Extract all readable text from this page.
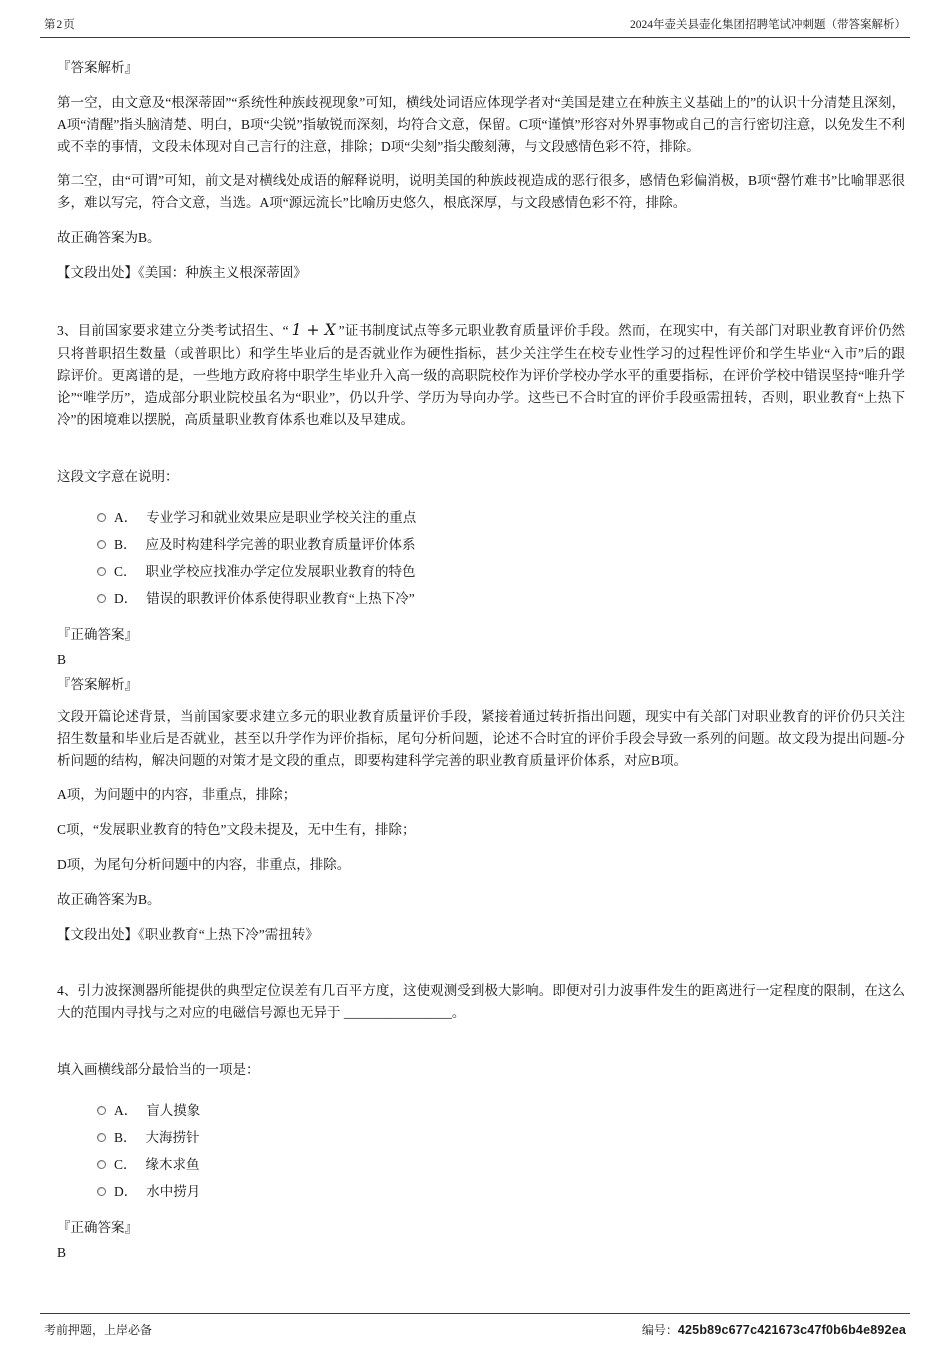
第2页	2024年壶关县壶化集团招聘笔试冲刺题（带答案解析）

『答案解析』

第一空，由文意及“根深蒂固”“系统性种族歧视现象”可知，横线处词语应体现学者对“美国是建立在种族主义基础上的”的认识十分清楚且深刻，A项“清醒”指头脑清楚、明白，B项“尖锐”指敏锐而深刻，均符合文意，保留。C项“谨慎”形容对外界事物或自己的言行密切注意，以免发生不利或不幸的事情，文段未体现对自己言行的注意，排除；D项“尖刻”指尖酸刻薄，与文段感情色彩不符，排除。

第二空，由“可谓”可知，前文是对横线处成语的解释说明，说明美国的种族歧视造成的恶行很多，感情色彩偏消极，B项“罄竹难书”比喻罪恶很多，难以写完，符合文意，当选。A项“源远流长”比喻历史悠久，根底深厚，与文段感情色彩不符，排除。

故正确答案为B。

【文段出处】《美国：种族主义根深蒂固》

3、目前国家要求建立分类考试招生、“ 1 + X ”证书制度试点等多元职业教育质量评价手段。然而，在现实中，有关部门对职业教育评价仍然只将普职招生数量（或普职比）和学生毕业后的是否就业作为硬性指标，甚少关注学生在校专业性学习的过程性评价和学生毕业“入市”后的跟踪评价。更离谱的是，一些地方政府将中职学生毕业升入高一级的高职院校作为评价学校办学水平的重要指标，在评价学校中错误坚持“唯升学论”“唯学历”，造成部分职业院校虽名为“职业”，仍以升学、学历为导向办学。这些已不合时宜的评价手段亟需扭转，否则，职业教育“上热下冷”的困境难以摆脱，高质量职业教育体系也难以及早建成。

这段文字意在说明：

A． 专业学习和就业效果应是职业学校关注的重点
B． 应及时构建科学完善的职业教育质量评价体系
C． 职业学校应找准办学定位发展职业教育的特色
D． 错误的职教评价体系使得职业教育“上热下冷”

『正确答案』

B

『答案解析』

文段开篇论述背景，当前国家要求建立多元的职业教育质量评价手段，紧接着通过转折指出问题，现实中有关部门对职业教育的评价仍只关注招生数量和毕业后是否就业，甚至以升学作为评价指标，尾句分析问题，论述不合时宜的评价手段会导致一系列的问题。故文段为提出问题-分析问题的结构，解决问题的对策才是文段的重点，即要构建科学完善的职业教育质量评价体系，对应B项。

A项，为问题中的内容，非重点，排除；

C项，“发展职业教育的特色”文段未提及，无中生有，排除；

D项，为尾句分析问题中的内容，非重点，排除。

故正确答案为B。

【文段出处】《职业教育“上热下冷”需扭转》

4、引力波探测器所能提供的典型定位误差有几百平方度，这使观测受到极大影响。即便对引力波事件发生的距离进行一定程度的限制，在这么大的范围内寻找与之对应的电磁信号源也无异于 ________________。

填入画横线部分最恰当的一项是：

A． 盲人摸象
B． 大海捞针
C． 缘木求鱼
D． 水中捞月

『正确答案』

B

考前押题，上岸必备	编号：425b89c677c421673c47f0b6b4e892ea
